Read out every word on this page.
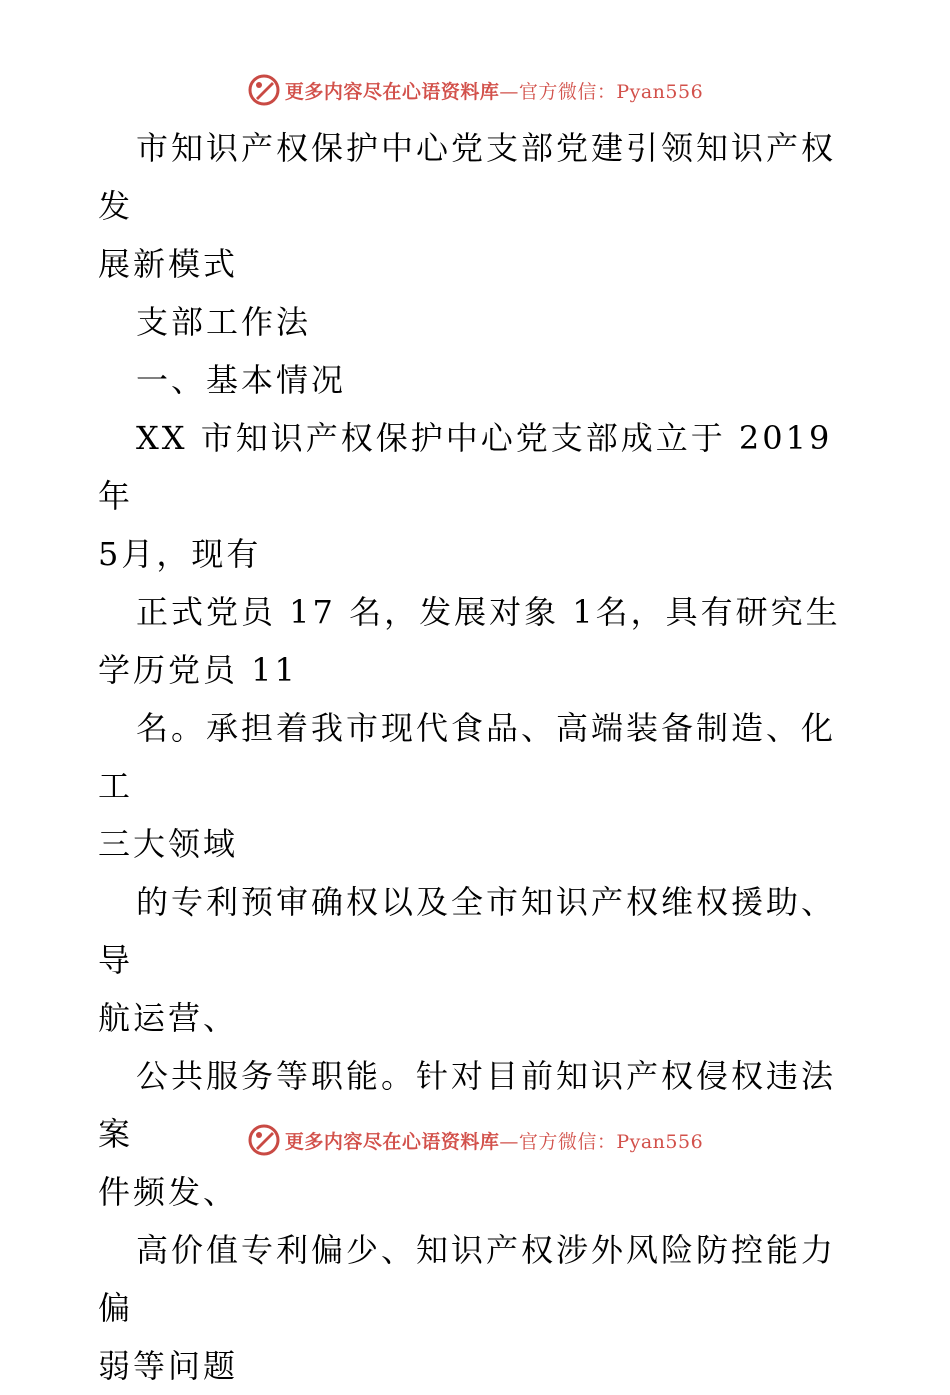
更多内容尽在心语资料库—官方微信：Pyan556

市知识产权保护中心党支部党建引领知识产权发

展新模式

支部工作法

一、基本情况

XX 市知识产权保护中心党支部成立于 2019 年

5月，现有

正式党员 17 名，发展对象 1名，具有研究生

学历党员 11

名。承担着我市现代食品、高端装备制造、化工

三大领域

的专利预审确权以及全市知识产权维权援助、导

航运营、

公共服务等职能。针对目前知识产权侵权违法案

件频发、

高价值专利偏少、知识产权涉外风险防控能力偏

弱等问题

更多内容尽在心语资料库—官方微信：Pyan556
